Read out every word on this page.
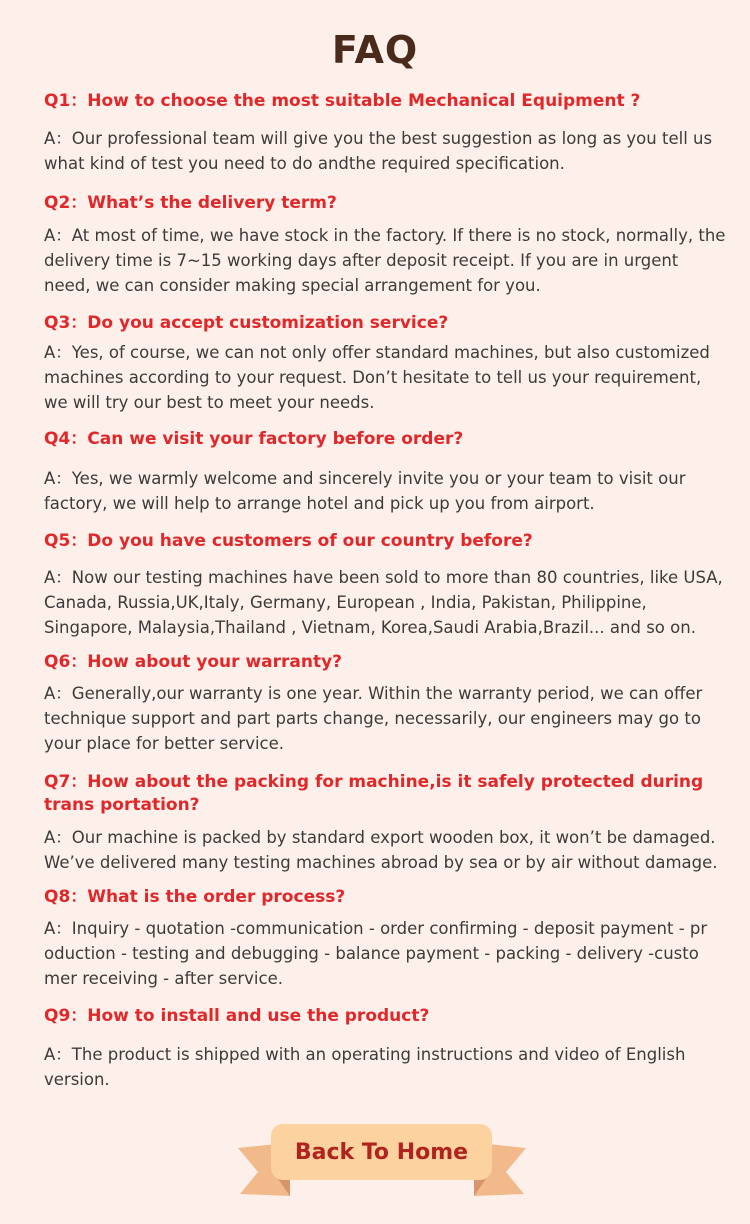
FAQ
Q1：How to choose the most suitable Mechanical Equipment ?
A：Our professional team will give you the best suggestion as long as you tell us
what kind of test you need to do andthe required specification.
Q2：What’s the delivery term?
A：At most of time, we have stock in the factory. If there is no stock, normally, the
delivery time is 7~15 working days after deposit receipt. If you are in urgent
need, we can consider making special arrangement for you.
Q3：Do you accept customization service?
A：Yes, of course, we can not only offer standard machines, but also customized
machines according to your request. Don’t hesitate to tell us your requirement,
we will try our best to meet your needs.
Q4：Can we visit your factory before order?
A：Yes, we warmly welcome and sincerely invite you or your team to visit our
factory, we will help to arrange hotel and pick up you from airport.
Q5：Do you have customers of our country before?
A：Now our testing machines have been sold to more than 80 countries, like USA,
Canada, Russia,UK,Italy, Germany, European , India, Pakistan, Philippine,
Singapore, Malaysia,Thailand , Vietnam, Korea,Saudi Arabia,Brazil... and so on.
Q6：How about your warranty?
A：Generally,our warranty is one year. Within the warranty period, we can offer
technique support and part parts change, necessarily, our engineers may go to
your place for better service.
Q7：How about the packing for machine,is it safely protected during trans portation?
A：Our machine is packed by standard export wooden box, it won’t be damaged.
We’ve delivered many testing machines abroad by sea or by air without damage.
Q8：What is the order process?
A：Inquiry - quotation -communication - order confirming - deposit payment - pr
oduction - testing and debugging - balance payment - packing - delivery -custo
mer receiving - after service.
Q9：How to install and use the product?
A：The product is shipped with an operating instructions and video of English
version.
Back To Home
